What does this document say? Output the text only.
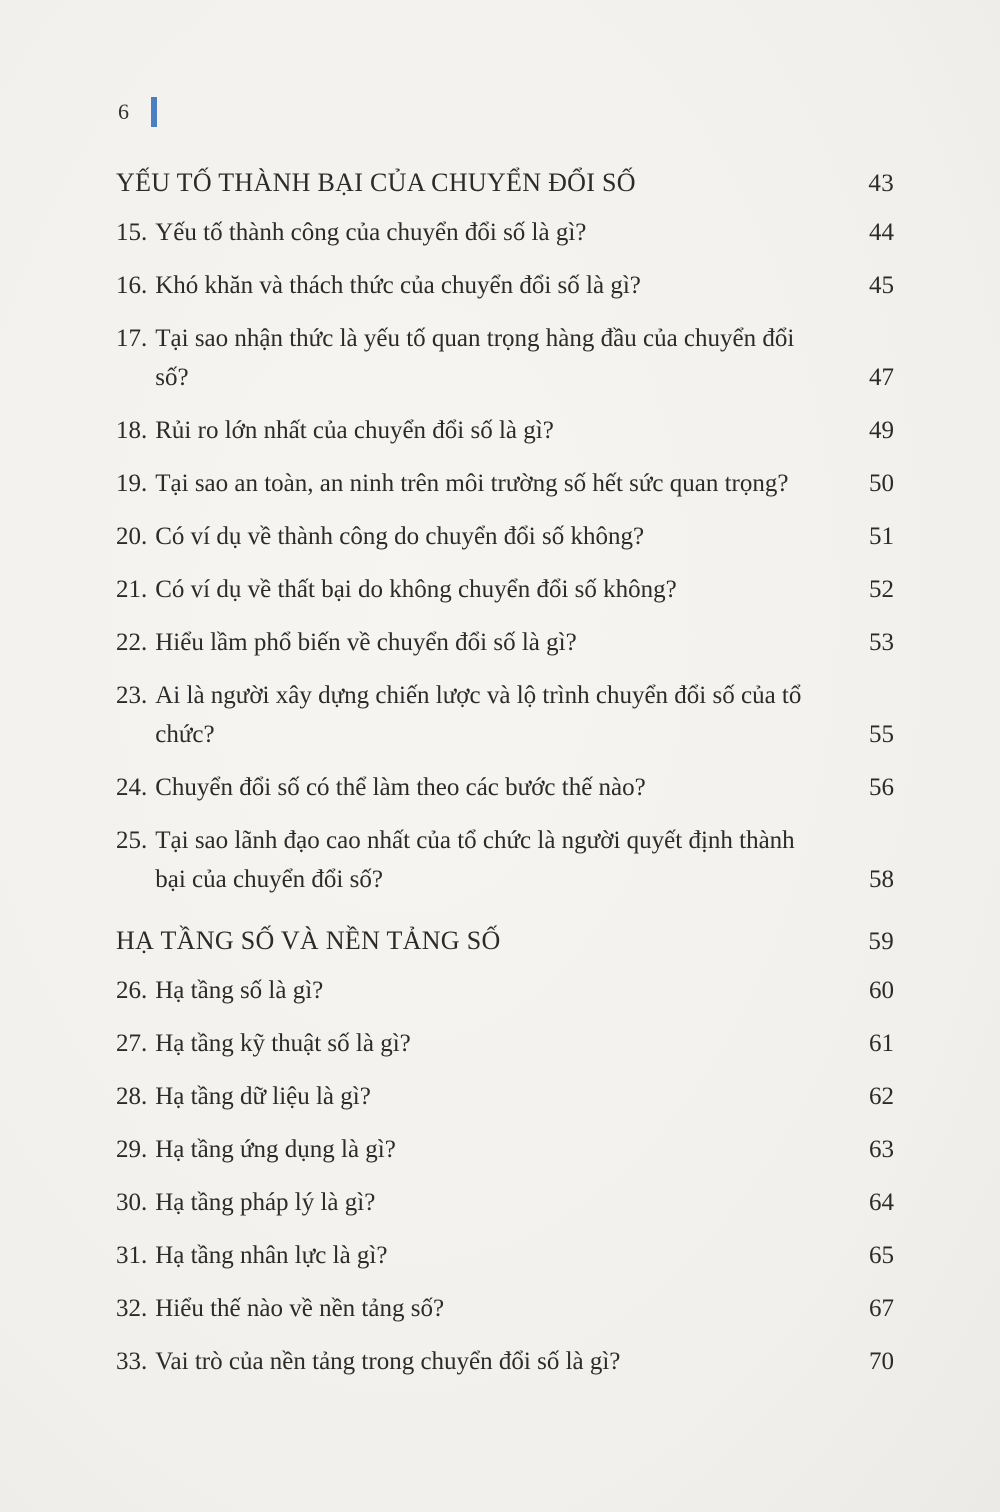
6
YẾU TỐ THÀNH BẠI CỦA CHUYỂN ĐỔI SỐ	43
15. Yếu tố thành công của chuyển đổi số là gì?	44
16. Khó khăn và thách thức của chuyển đổi số là gì?	45
17. Tại sao nhận thức là yếu tố quan trọng hàng đầu của chuyển đổi số?	47
18. Rủi ro lớn nhất của chuyển đổi số là gì?	49
19. Tại sao an toàn, an ninh trên môi trường số hết sức quan trọng?	50
20. Có ví dụ về thành công do chuyển đổi số không?	51
21. Có ví dụ về thất bại do không chuyển đổi số không?	52
22. Hiểu lầm phổ biến về chuyển đổi số là gì?	53
23. Ai là người xây dựng chiến lược và lộ trình chuyển đổi số của tổ chức?	55
24. Chuyển đổi số có thể làm theo các bước thế nào?	56
25. Tại sao lãnh đạo cao nhất của tổ chức là người quyết định thành bại của chuyển đổi số?	58
HẠ TẦNG SỐ VÀ NỀN TẢNG SỐ	59
26. Hạ tầng số là gì?	60
27. Hạ tầng kỹ thuật số là gì?	61
28. Hạ tầng dữ liệu là gì?	62
29. Hạ tầng ứng dụng là gì?	63
30. Hạ tầng pháp lý là gì?	64
31. Hạ tầng nhân lực là gì?	65
32. Hiểu thế nào về nền tảng số?	67
33. Vai trò của nền tảng trong chuyển đổi số là gì?	70
